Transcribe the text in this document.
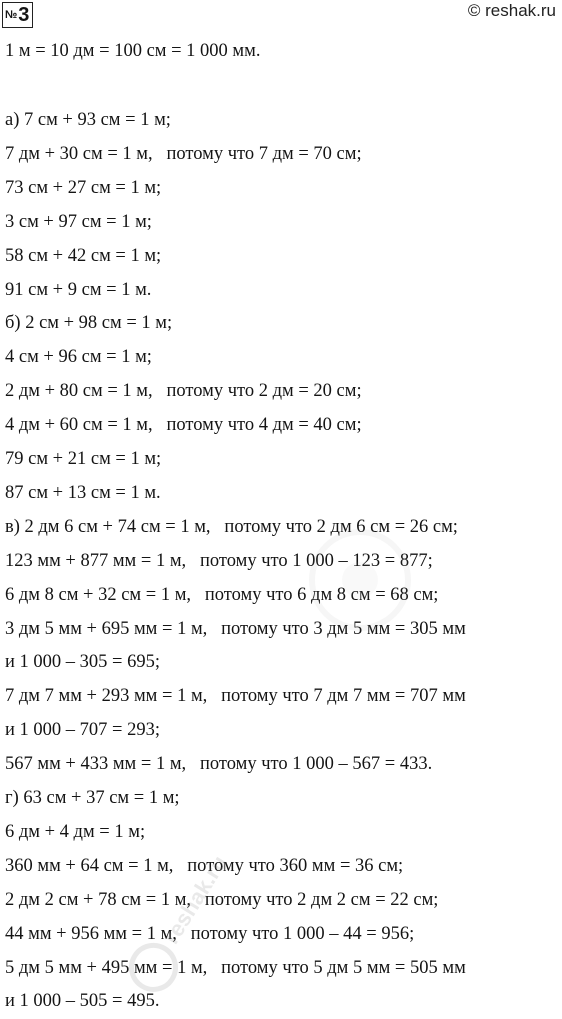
№ 3	© reshak.ru
1 м = 10 дм = 100 см = 1 000 мм.
а) 7 см + 93 см = 1 м;
7 дм + 30 см = 1 м,   потому что 7 дм = 70 см;
73 см + 27 см = 1 м;
3 см + 97 см = 1 м;
58 см + 42 см = 1 м;
91 см + 9 см = 1 м.
б) 2 см + 98 см = 1 м;
4 см + 96 см = 1 м;
2 дм + 80 см = 1 м,   потому что 2 дм = 20 см;
4 дм + 60 см = 1 м,   потому что 4 дм = 40 см;
79 см + 21 см = 1 м;
87 см + 13 см = 1 м.
в) 2 дм 6 см + 74 см = 1 м,   потому что 2 дм 6 см = 26 см;
123 мм + 877 мм = 1 м,   потому что 1 000 – 123 = 877;
6 дм 8 см + 32 см = 1 м,   потому что 6 дм 8 см = 68 см;
3 дм 5 мм + 695 мм = 1 м,   потому что 3 дм 5 мм = 305 мм
и 1 000 – 305 = 695;
7 дм 7 мм + 293 мм = 1 м,   потому что 7 дм 7 мм = 707 мм
и 1 000 – 707 = 293;
567 мм + 433 мм = 1 м,   потому что 1 000 – 567 = 433.
г) 63 см + 37 см = 1 м;
6 дм + 4 дм = 1 м;
360 мм + 64 см = 1 м,   потому что 360 мм = 36 см;
2 дм 2 см + 78 см = 1 м,   потому что 2 дм 2 см = 22 см;
44 мм + 956 мм = 1 м,   потому что 1 000 – 44 = 956;
5 дм 5 мм + 495 мм = 1 м,   потому что 5 дм 5 мм = 505 мм
и 1 000 – 505 = 495.
reshak.ru
